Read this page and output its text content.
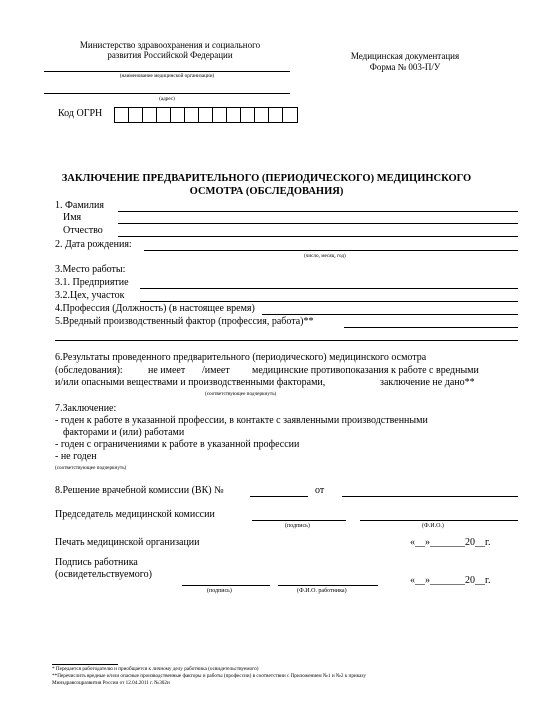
Министерство здравоохранения и социального
развития Российской Федерации
(наименование медицинской организации)
(адрес)
Код ОГРН
Медицинская документация
Форма № 003-П/У
ЗАКЛЮЧЕНИЕ ПРЕДВАРИТЕЛЬНОГО (ПЕРИОДИЧЕСКОГО) МЕДИЦИНСКОГО
ОСМОТРА (ОБСЛЕДОВАНИЯ)
1. Фамилия
Имя
Отчество
2. Дата рождения:
(число, месяц, год)
3.Место работы:
3.1. Предприятие
3.2.Цех, участок
4.Профессия (Должность) (в настоящее время)
5.Вредный производственный фактор (профессия, работа)**
6.Результаты проведенного предварительного (периодического) медицинского осмотра
(обследования):	не имеет /имеет медицинские противопоказания к работе с вредными
и/или опасными веществами и производственными факторами,	заключение не дано**
(соответствующее подчеркнуть)
7.Заключение:
- годен к работе в указанной профессии, в контакте с заявленными производственными
факторами и (или) работами
- годен с ограничениями к работе в указанной профессии
- не годен
(соответствующее подчеркнуть)
8.Решение врачебной комиссии (ВК) №	от
Председатель медицинской комиссии
(подпись)	(Ф.И.О.)
Печать медицинской организации	«__»_______20__г.
Подпись работника
(освидетельствуемого)
(подпись)	(Ф.И.О. работника)
«__»_______20__г.
* Передается работодателю и приобщается к личному делу работника (освидетельствуемого)
**Перечислить вредные и/или опасные производственные факторы и работы (профессии) в соответствии с Приложением №1 и №2 к приказу
Минздравсоцразвития России от 12.04.2011 г. №302н
